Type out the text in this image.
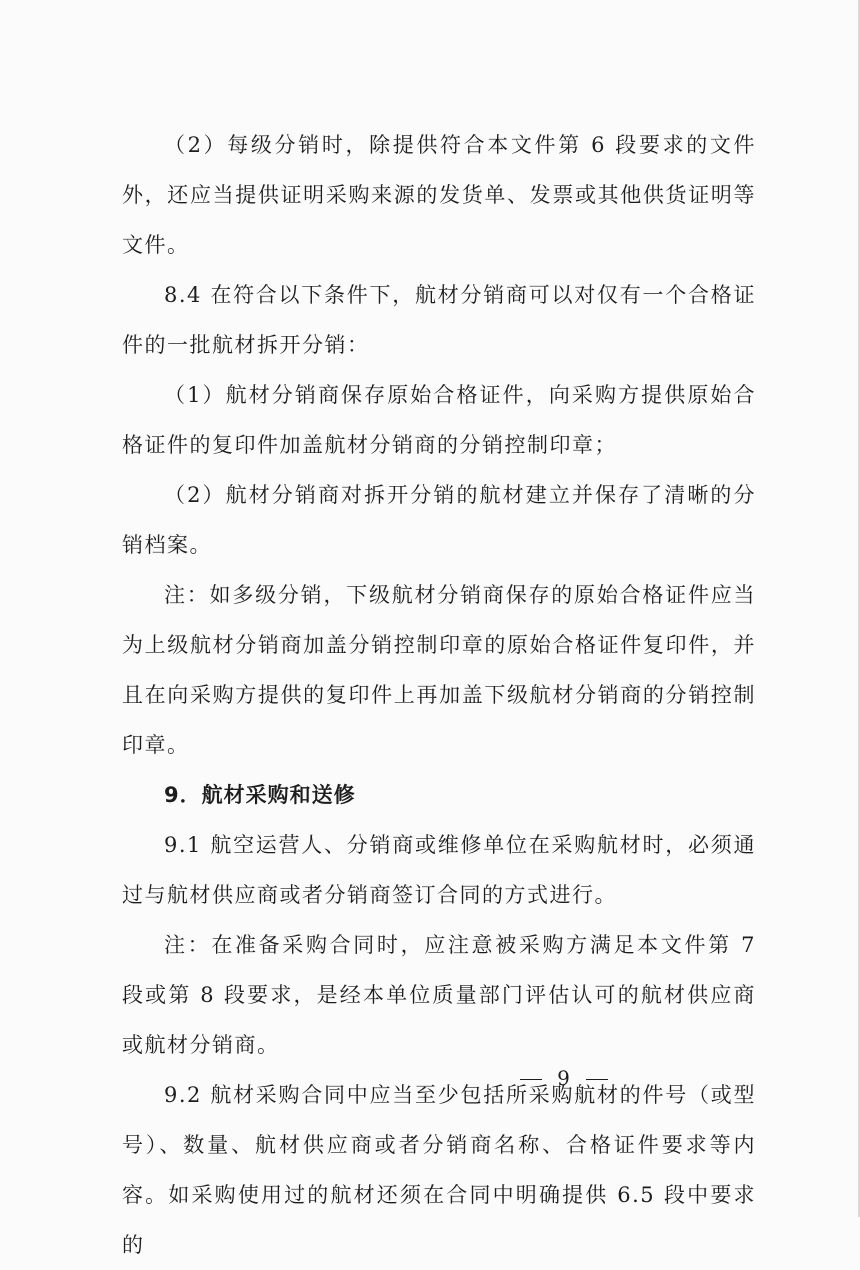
（2）每级分销时，除提供符合本文件第 6 段要求的文件外，还应当提供证明采购来源的发货单、发票或其他供货证明等文件。

8.4 在符合以下条件下，航材分销商可以对仅有一个合格证件的一批航材拆开分销：

（1）航材分销商保存原始合格证件，向采购方提供原始合格证件的复印件加盖航材分销商的分销控制印章；

（2）航材分销商对拆开分销的航材建立并保存了清晰的分销档案。

注：如多级分销，下级航材分销商保存的原始合格证件应当为上级航材分销商加盖分销控制印章的原始合格证件复印件，并且在向采购方提供的复印件上再加盖下级航材分销商的分销控制印章。

9．航材采购和送修

9.1 航空运营人、分销商或维修单位在采购航材时，必须通过与航材供应商或者分销商签订合同的方式进行。

注：在准备采购合同时，应注意被采购方满足本文件第 7 段或第 8 段要求，是经本单位质量部门评估认可的航材供应商或航材分销商。

9.2 航材采购合同中应当至少包括所采购航材的件号（或型号）、数量、航材供应商或者分销商名称、合格证件要求等内容。如采购使用过的航材还须在合同中明确提供 6.5 段中要求的

9
